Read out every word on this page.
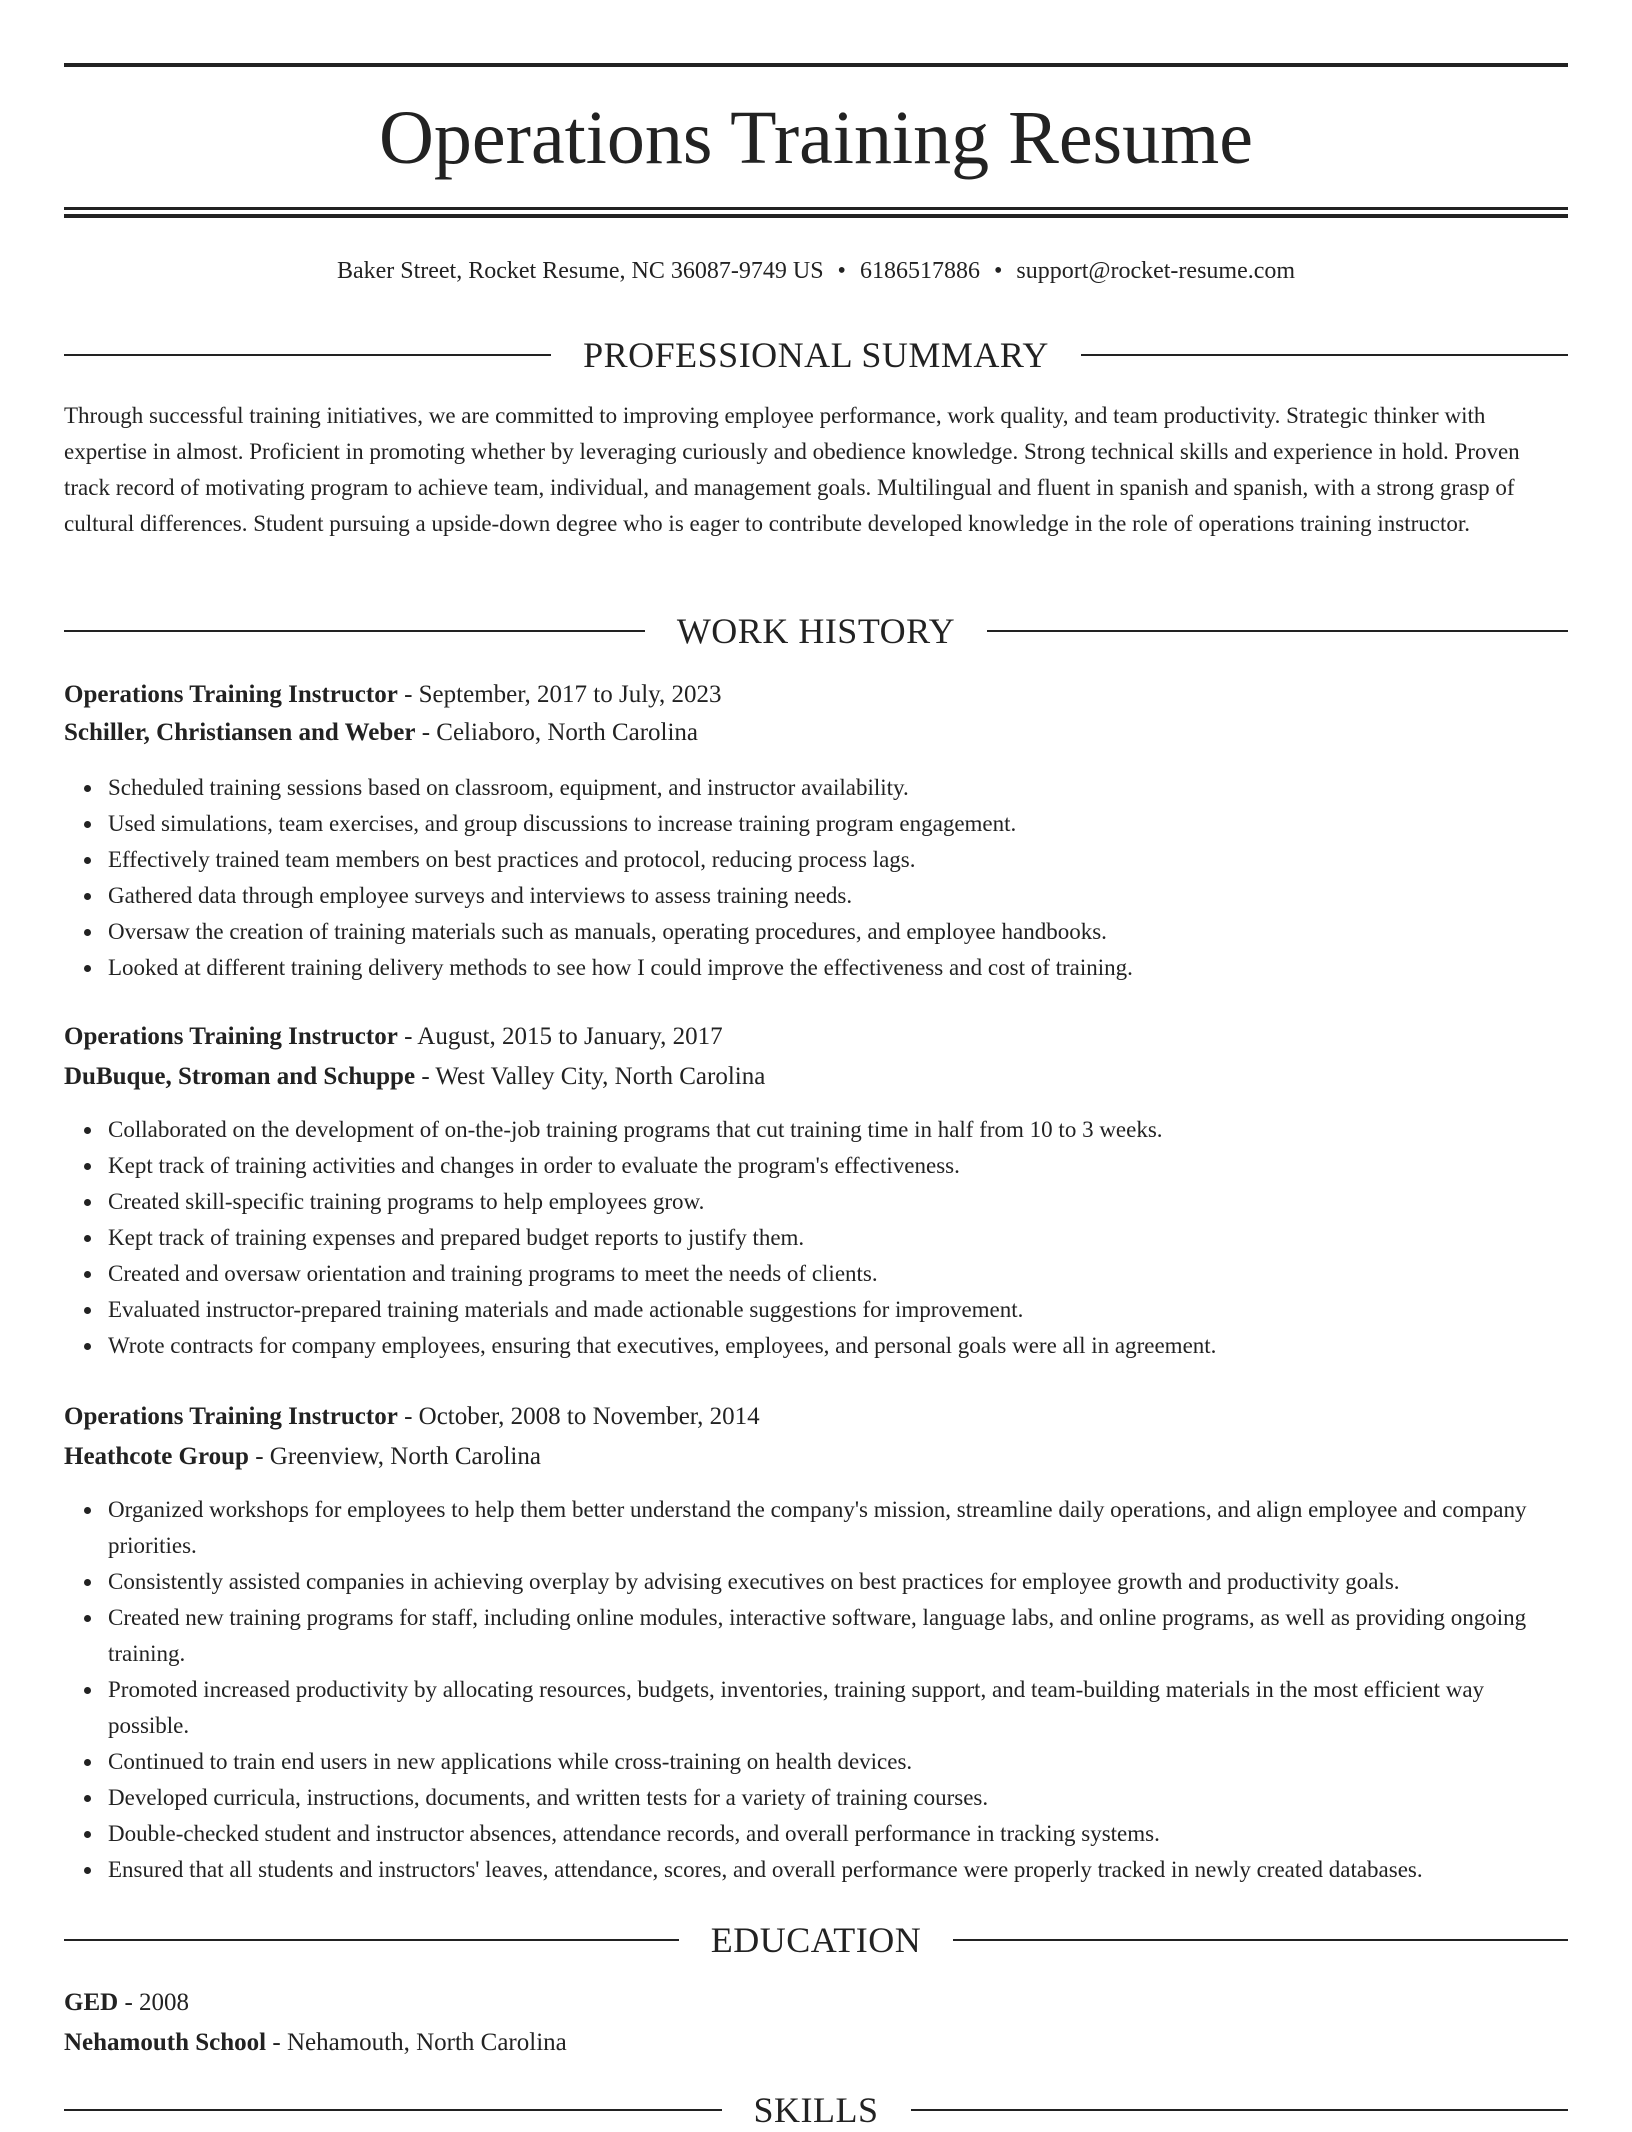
Operations Training Resume
Baker Street, Rocket Resume, NC 36087-9749 US • 6186517886 • support@rocket-resume.com
PROFESSIONAL SUMMARY

Through successful training initiatives, we are committed to improving employee performance, work quality, and team productivity. Strategic thinker with expertise in almost. Proficient in promoting whether by leveraging curiously and obedience knowledge. Strong technical skills and experience in hold. Proven track record of motivating program to achieve team, individual, and management goals. Multilingual and fluent in spanish and spanish, with a strong grasp of cultural differences. Student pursuing a upside-down degree who is eager to contribute developed knowledge in the role of operations training instructor.

WORK HISTORY
Operations Training Instructor - September, 2017 to July, 2023
Schiller, Christiansen and Weber - Celiaboro, North Carolina
Scheduled training sessions based on classroom, equipment, and instructor availability.
Used simulations, team exercises, and group discussions to increase training program engagement.
Effectively trained team members on best practices and protocol, reducing process lags.
Gathered data through employee surveys and interviews to assess training needs.
Oversaw the creation of training materials such as manuals, operating procedures, and employee handbooks.
Looked at different training delivery methods to see how I could improve the effectiveness and cost of training.
Operations Training Instructor - August, 2015 to January, 2017
DuBuque, Stroman and Schuppe - West Valley City, North Carolina
Collaborated on the development of on-the-job training programs that cut training time in half from 10 to 3 weeks.
Kept track of training activities and changes in order to evaluate the program's effectiveness.
Created skill-specific training programs to help employees grow.
Kept track of training expenses and prepared budget reports to justify them.
Created and oversaw orientation and training programs to meet the needs of clients.
Evaluated instructor-prepared training materials and made actionable suggestions for improvement.
Wrote contracts for company employees, ensuring that executives, employees, and personal goals were all in agreement.
Operations Training Instructor - October, 2008 to November, 2014
Heathcote Group - Greenview, North Carolina
Organized workshops for employees to help them better understand the company's mission, streamline daily operations, and align employee and company priorities.
Consistently assisted companies in achieving overplay by advising executives on best practices for employee growth and productivity goals.
Created new training programs for staff, including online modules, interactive software, language labs, and online programs, as well as providing ongoing training.
Promoted increased productivity by allocating resources, budgets, inventories, training support, and team-building materials in the most efficient way possible.
Continued to train end users in new applications while cross-training on health devices.
Developed curricula, instructions, documents, and written tests for a variety of training courses.
Double-checked student and instructor absences, attendance records, and overall performance in tracking systems.
Ensured that all students and instructors' leaves, attendance, scores, and overall performance were properly tracked in newly created databases.
EDUCATION
GED - 2008
Nehamouth School - Nehamouth, North Carolina
SKILLS
